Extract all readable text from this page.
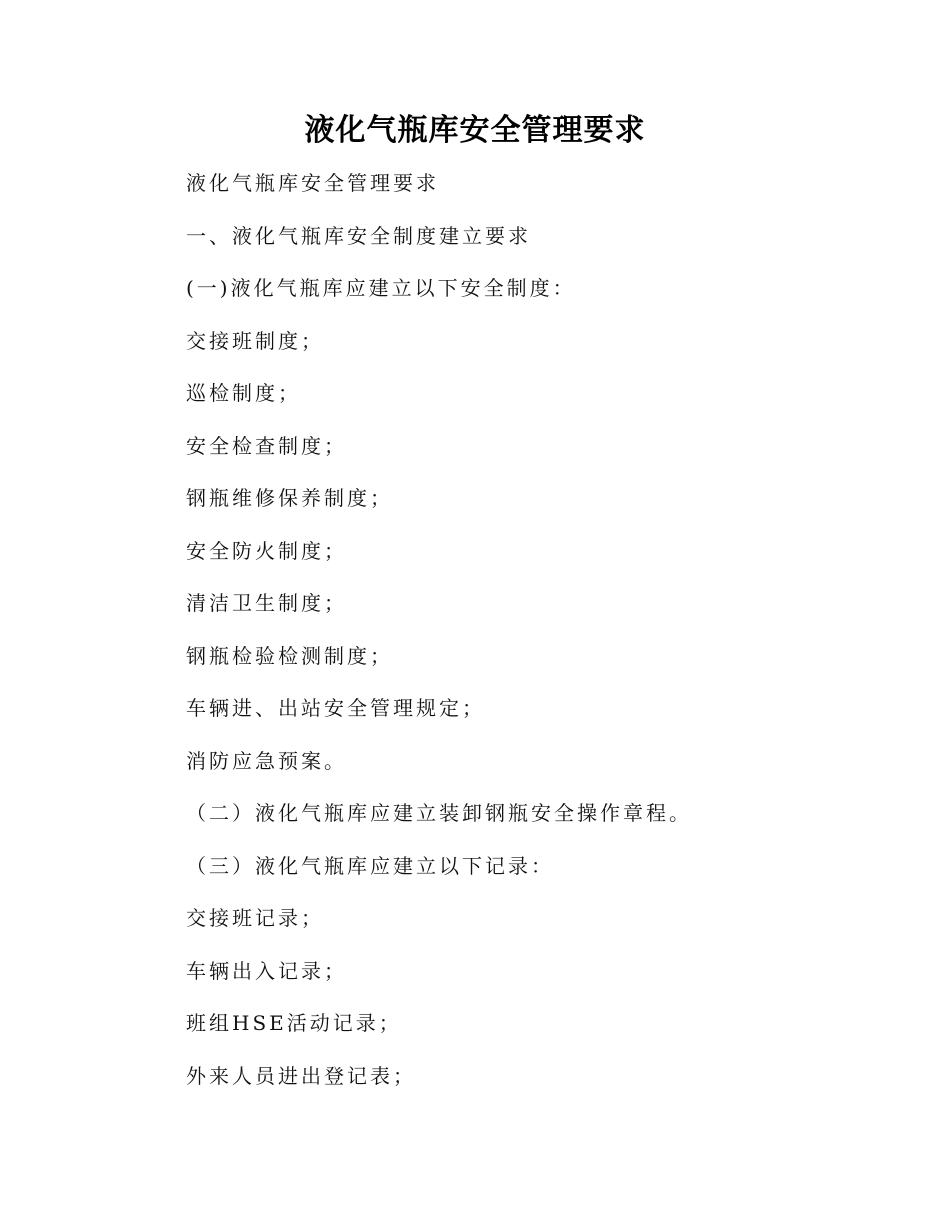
液化气瓶库安全管理要求
液化气瓶库安全管理要求
一、液化气瓶库安全制度建立要求
(一)液化气瓶库应建立以下安全制度：
交接班制度；
巡检制度；
安全检查制度；
钢瓶维修保养制度；
安全防火制度；
清洁卫生制度；
钢瓶检验检测制度；
车辆进、出站安全管理规定；
消防应急预案。
（二）液化气瓶库应建立装卸钢瓶安全操作章程。
（三）液化气瓶库应建立以下记录：
交接班记录；
车辆出入记录；
班组HSE活动记录；
外来人员进出登记表；
